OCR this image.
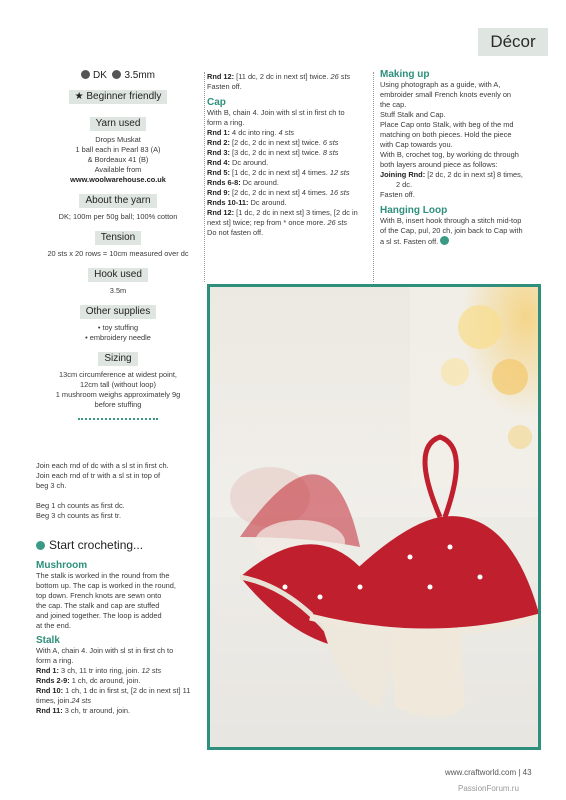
Décor
DK 3.5mm
★ Beginner friendly
Yarn used

Drops Muskat

1 ball each in Pearl 83 (A)

& Bordeaux 41 (B)

Available from

www.woolwarehouse.co.uk

About the yarn

DK; 100m per 50g ball; 100% cotton

Tension

20 sts x 20 rows = 10cm measured over dc

Hook used

3.5m

Other supplies

• toy stuffing

• embroidery needle

Sizing

13cm circumference at widest point,

12cm tall (without loop)

1 mushroom weighs approximately 9g

before stuffing

Join each rnd of dc with a sl st in first ch.

Join each rnd of tr with a sl st in top of

beg 3 ch.

Beg 1 ch counts as first dc.

Beg 3 ch counts as first tr.

Start crocheting...

Mushroom

The stalk is worked in the round from the

bottom up. The cap is worked in the round,

top down. French knots are sewn onto

the cap. The stalk and cap are stuffed

and joined together. The loop is added

at the end.

Stalk

With A, chain 4. Join with sl st in first ch to

form a ring.

Rnd 1: 3 ch, 11 tr into ring, join. 12 sts

Rnds 2-9: 1 ch, dc around, join.

Rnd 10: 1 ch, 1 dc in first st, [2 dc in next st] 11 times, join.24 sts

Rnd 11: 3 ch, tr around, join.

Rnd 12: [11 dc, 2 dc in next st] twice. 26 sts

Fasten off.

Cap

With B, chain 4. Join with sl st in first ch to

form a ring.

Rnd 1: 4 dc into ring. 4 sts

Rnd 2: [2 dc, 2 dc in next st] twice. 6 sts

Rnd 3: [3 dc, 2 dc in next st] twice. 8 sts

Rnd 4: Dc around.

Rnd 5: [1 dc, 2 dc in next st] 4 times. 12 sts

Rnds 6-8: Dc around.

Rnd 9: [2 dc, 2 dc in next st] 4 times. 16 sts

Rnds 10-11: Dc around.

Rnd 12: [1 dc, 2 dc in next st] 3 times, [2 dc in next st] twice; rep from * once more. 26 sts

Do not fasten off.

Making up

Using photograph as a guide, with A,

embroider small French knots evenly on

the cap.

Stuff Stalk and Cap.

Place Cap onto Stalk, with beg of the md

matching on both pieces. Hold the piece

with Cap towards you.

With B, crochet tog, by working dc through

both layers around piece as follows:

Joining Rnd: [2 dc, 2 dc in next st] 8 times,

2 dc.

Fasten off.

Hanging Loop

With B, insert hook through a stitch mid-top

of the Cap, pul, 20 ch, join back to Cap with

a sl st. Fasten off.

www.craftworld.com | 43
PassionForum.ru
